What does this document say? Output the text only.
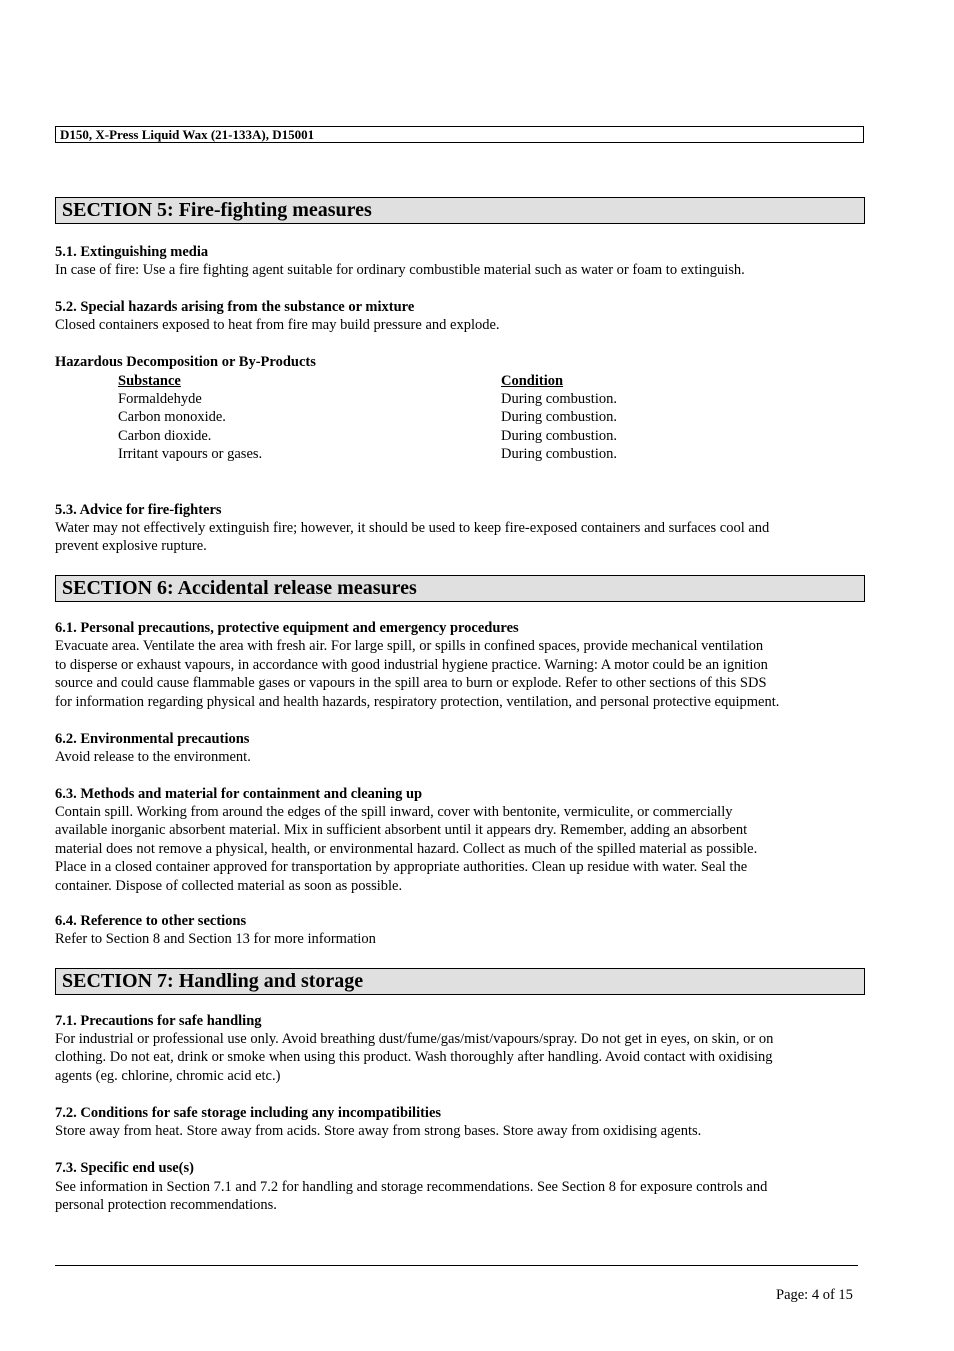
D150, X-Press Liquid Wax (21-133A), D15001
SECTION 5: Fire-fighting measures
5.1. Extinguishing media
In case of fire: Use a fire fighting agent suitable for ordinary combustible material such as water or foam to extinguish.
5.2. Special hazards arising from the substance or mixture
Closed containers exposed to heat from fire may build pressure and explode.
Hazardous Decomposition or By-Products
Substance	Condition
Formaldehyde	During combustion.
Carbon monoxide.	During combustion.
Carbon dioxide.	During combustion.
Irritant vapours or gases.	During combustion.
5.3. Advice for fire-fighters
Water may not effectively extinguish fire; however, it should be used to keep fire-exposed containers and surfaces cool and
prevent explosive rupture.
SECTION 6: Accidental release measures
6.1. Personal precautions, protective equipment and emergency procedures
Evacuate area. Ventilate the area with fresh air. For large spill, or spills in confined spaces, provide mechanical ventilation
to disperse or exhaust vapours, in accordance with good industrial hygiene practice. Warning: A motor could be an ignition
source and could cause flammable gases or vapours in the spill area to burn or explode. Refer to other sections of this SDS
for information regarding physical and health hazards, respiratory protection, ventilation, and personal protective equipment.
6.2. Environmental precautions
Avoid release to the environment.
6.3. Methods and material for containment and cleaning up
Contain spill. Working from around the edges of the spill inward, cover with bentonite, vermiculite, or commercially
available inorganic absorbent material. Mix in sufficient absorbent until it appears dry. Remember, adding an absorbent
material does not remove a physical, health, or environmental hazard. Collect as much of the spilled material as possible.
Place in a closed container approved for transportation by appropriate authorities. Clean up residue with water. Seal the
container. Dispose of collected material as soon as possible.
6.4. Reference to other sections
Refer to Section 8 and Section 13 for more information
SECTION 7: Handling and storage
7.1. Precautions for safe handling
For industrial or professional use only. Avoid breathing dust/fume/gas/mist/vapours/spray. Do not get in eyes, on skin, or on
clothing. Do not eat, drink or smoke when using this product. Wash thoroughly after handling. Avoid contact with oxidising
agents (eg. chlorine, chromic acid etc.)
7.2. Conditions for safe storage including any incompatibilities
Store away from heat. Store away from acids. Store away from strong bases. Store away from oxidising agents.
7.3. Specific end use(s)
See information in Section 7.1 and 7.2 for handling and storage recommendations. See Section 8 for exposure controls and
personal protection recommendations.
Page: 4 of 15
